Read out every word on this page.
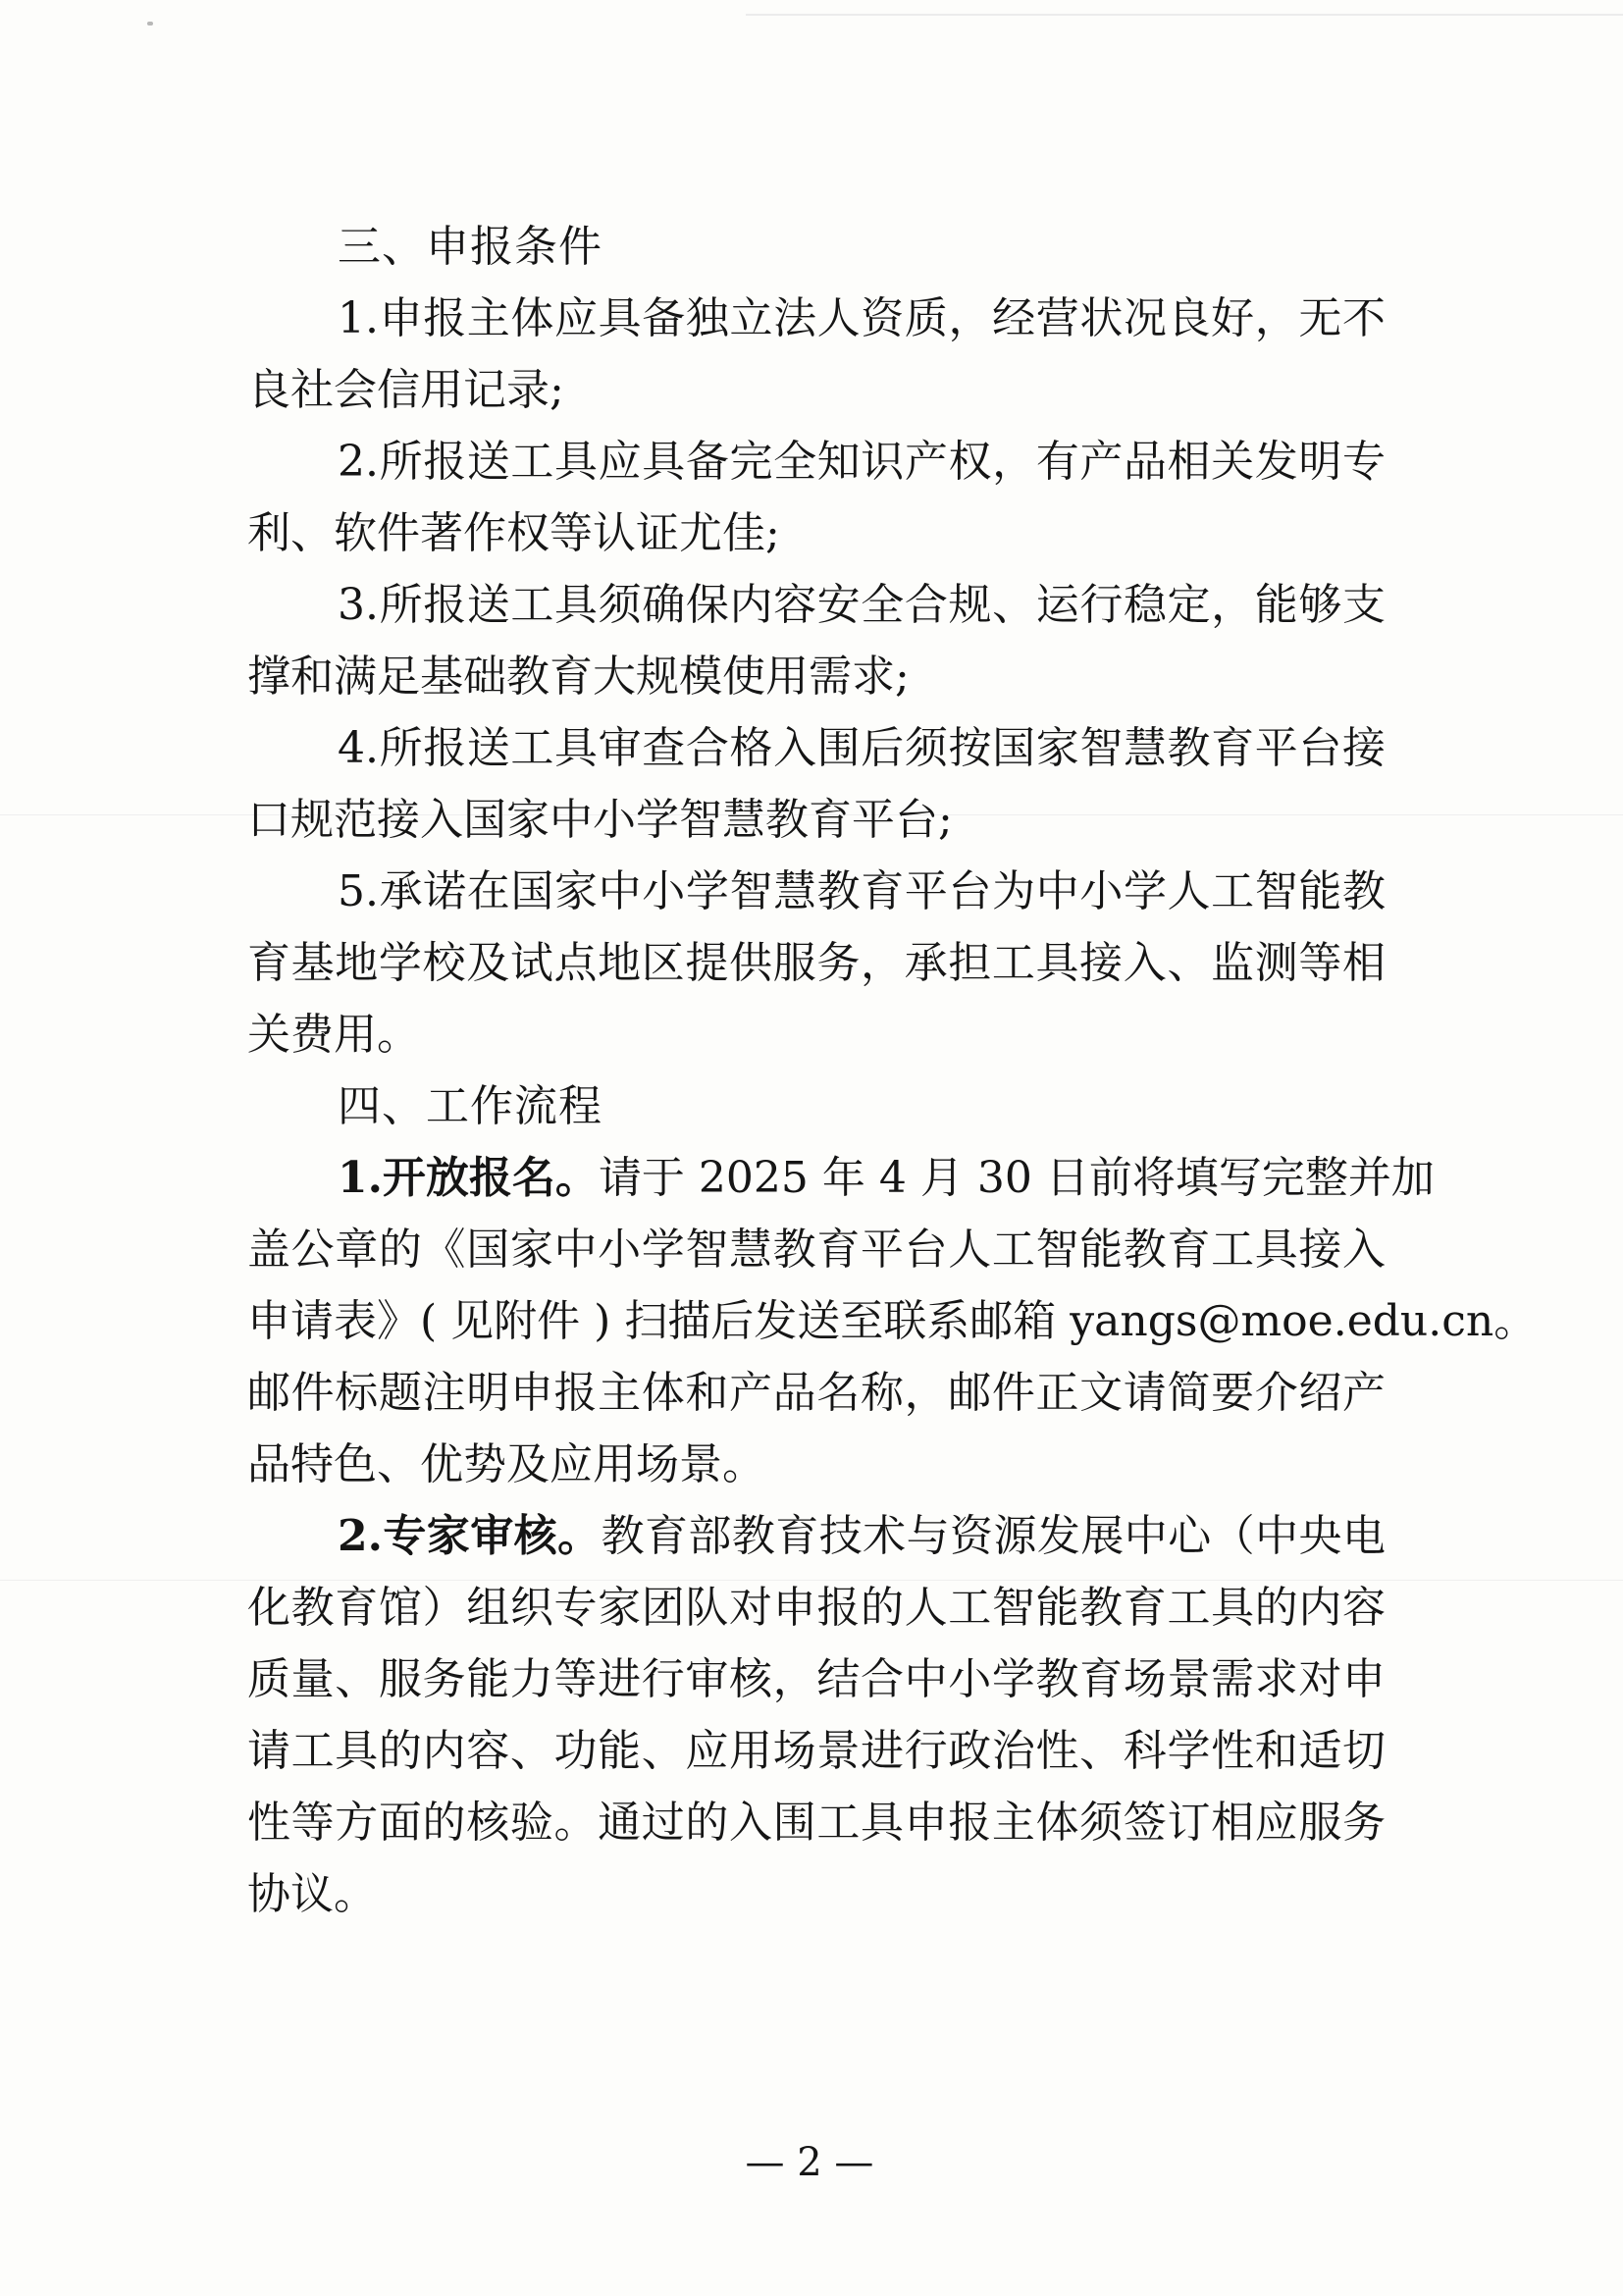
三、申报条件
1.申报主体应具备独立法人资质，经营状况良好，无不
良社会信用记录;
2.所报送工具应具备完全知识产权，有产品相关发明专
利、软件著作权等认证尤佳;
3.所报送工具须确保内容安全合规、运行稳定，能够支
撑和满足基础教育大规模使用需求;
4.所报送工具审查合格入围后须按国家智慧教育平台接
口规范接入国家中小学智慧教育平台;
5.承诺在国家中小学智慧教育平台为中小学人工智能教
育基地学校及试点地区提供服务，承担工具接入、监测等相
关费用。
四、工作流程
1.开放报名。请于 2025 年 4 月 30 日前将填写完整并加
盖公章的《国家中小学智慧教育平台人工智能教育工具接入
申请表》( 见附件 ) 扫描后发送至联系邮箱 yangs@moe.edu.cn。
邮件标题注明申报主体和产品名称，邮件正文请简要介绍产
品特色、优势及应用场景。
2.专家审核。教育部教育技术与资源发展中心（中央电
化教育馆）组织专家团队对申报的人工智能教育工具的内容
质量、服务能力等进行审核，结合中小学教育场景需求对申
请工具的内容、功能、应用场景进行政治性、科学性和适切
性等方面的核验。通过的入围工具申报主体须签订相应服务
协议。
— 2 —
